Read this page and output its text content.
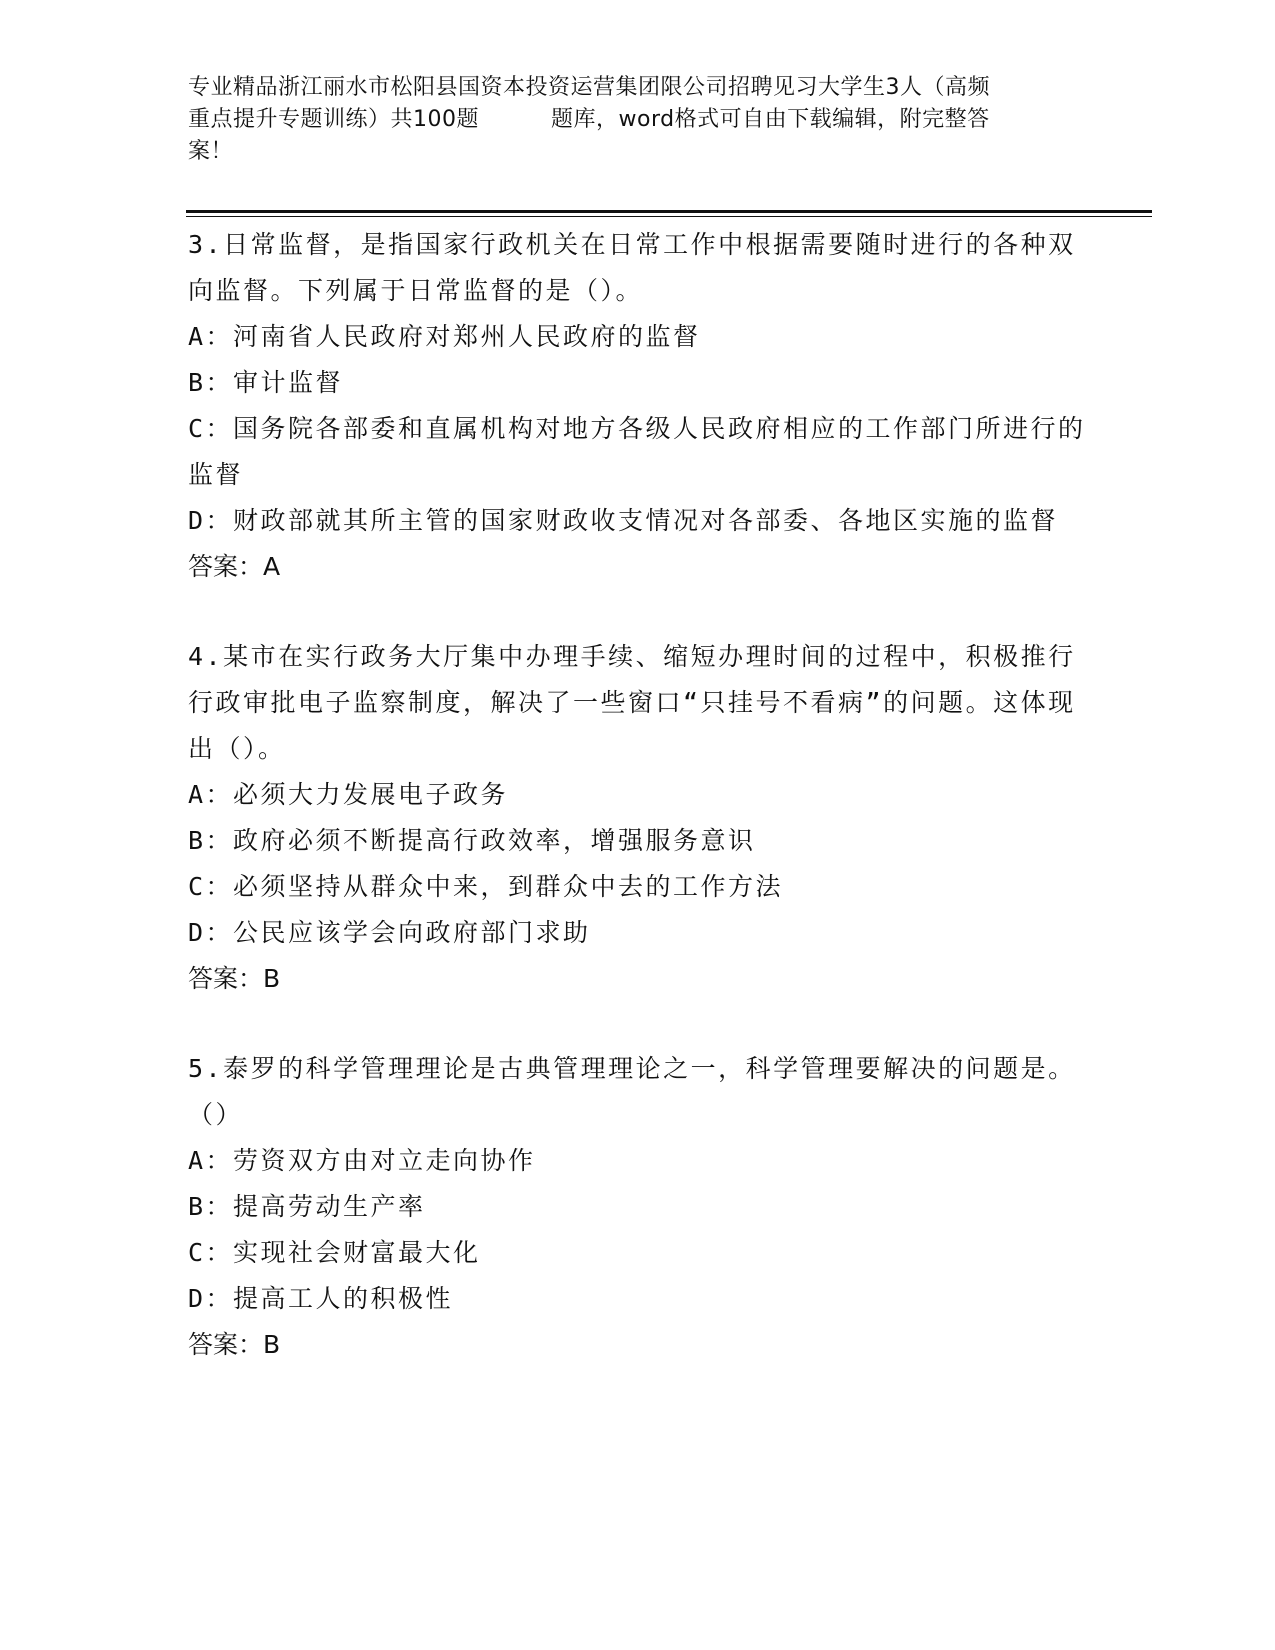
专业精品浙江丽水市松阳县国资本投资运营集团限公司招聘见习大学生3人（高频
重点提升专题训练）共100题	题库，word格式可自由下载编辑，附完整答
案！

3.日常监督，是指国家行政机关在日常工作中根据需要随时进行的各种双向监督。下列属于日常监督的是（）。

A：河南省人民政府对郑州人民政府的监督

B：审计监督

C：国务院各部委和直属机构对地方各级人民政府相应的工作部门所进行的监督

D：财政部就其所主管的国家财政收支情况对各部委、各地区实施的监督

答案：A

4.某市在实行政务大厅集中办理手续、缩短办理时间的过程中，积极推行行政审批电子监察制度，解决了一些窗口“只挂号不看病”的问题。这体现出（）。

A：必须大力发展电子政务

B：政府必须不断提高行政效率，增强服务意识

C：必须坚持从群众中来，到群众中去的工作方法

D：公民应该学会向政府部门求助

答案：B

5.泰罗的科学管理理论是古典管理理论之一，科学管理要解决的问题是。（）

A：劳资双方由对立走向协作

B：提高劳动生产率

C：实现社会财富最大化

D：提高工人的积极性

答案：B
